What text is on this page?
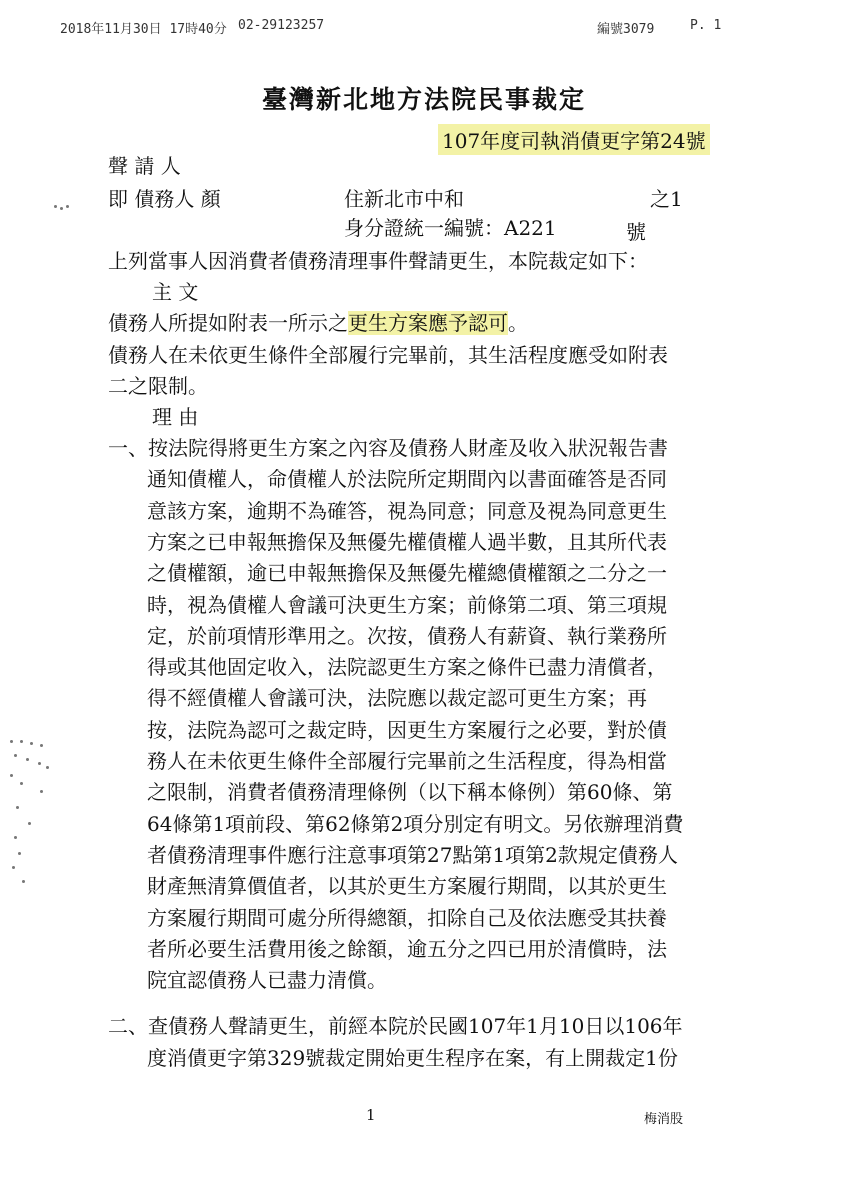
2018年11月30日 17時40分 02-29123257	編號3079	P. 1
臺灣新北地方法院民事裁定
107年度司執消債更字第24號
聲 請 人
即 債務人 顏	住新北市中和	之1
身分證統一編號：A221	號
上列當事人因消費者債務清理事件聲請更生，本院裁定如下：
主 文
債務人所提如附表一所示之更生方案應予認可。
債務人在未依更生條件全部履行完畢前，其生活程度應受如附表
二之限制。
理 由
一、按法院得將更生方案之內容及債務人財產及收入狀況報告書
通知債權人，命債權人於法院所定期間內以書面確答是否同
意該方案，逾期不為確答，視為同意；同意及視為同意更生
方案之已申報無擔保及無優先權債權人過半數，且其所代表
之債權額，逾已申報無擔保及無優先權總債權額之二分之一
時，視為債權人會議可決更生方案；前條第二項、第三項規
定，於前項情形準用之。次按，債務人有薪資、執行業務所
得或其他固定收入，法院認更生方案之條件已盡力清償者，
得不經債權人會議可決，法院應以裁定認可更生方案；再
按，法院為認可之裁定時，因更生方案履行之必要，對於債
務人在未依更生條件全部履行完畢前之生活程度，得為相當
之限制，消費者債務清理條例（以下稱本條例）第60條、第
64條第1項前段、第62條第2項分別定有明文。另依辦理消費
者債務清理事件應行注意事項第27點第1項第2款規定債務人
財產無清算價值者，以其於更生方案履行期間，以其於更生
方案履行期間可處分所得總額，扣除自己及依法應受其扶養
者所必要生活費用後之餘額，逾五分之四已用於清償時，法
院宜認債務人已盡力清償。
二、查債務人聲請更生，前經本院於民國107年1月10日以106年
度消債更字第329號裁定開始更生程序在案，有上開裁定1份
1	梅消股
